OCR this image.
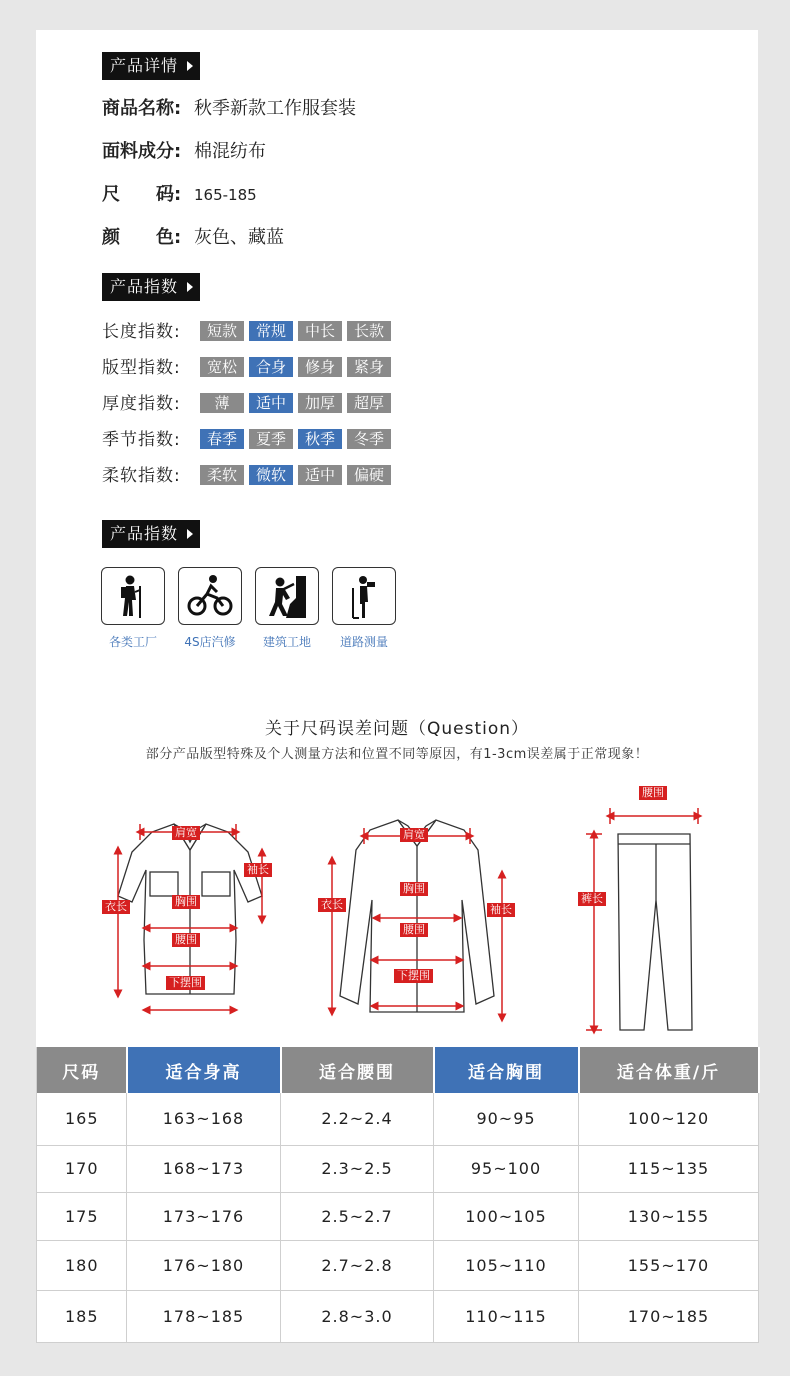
产品详情
商品名称: 秋季新款工作服套装
面料成分: 棉混纺布
尺　　码: 165-185
颜　　色: 灰色、藏蓝
产品指数
长度指数: 短款 常规 中长 长款
版型指数: 宽松 合身 修身 紧身
厚度指数: 薄 适中 加厚 超厚
季节指数: 春季 夏季 秋季 冬季
柔软指数: 柔软 微软 适中 偏硬
产品指数
各类工厂	4S店汽修	建筑工地	道路测量
关于尺码误差问题（Question）
部分产品版型特殊及个人测量方法和位置不同等原因，有1-3cm误差属于正常现象！
肩宽
袖长
衣长	胸围
腰围
下摆围
肩宽
胸围
衣长	袖长
腰围
下摆围
腰围
裤长
尺码	适合身高	适合腰围	适合胸围	适合体重/斤
165	163~168	2.2~2.4	90~95	100~120
170	168~173	2.3~2.5	95~100	115~135
175	173~176	2.5~2.7	100~105	130~155
180	176~180	2.7~2.8	105~110	155~170
185	178~185	2.8~3.0	110~115	170~185
